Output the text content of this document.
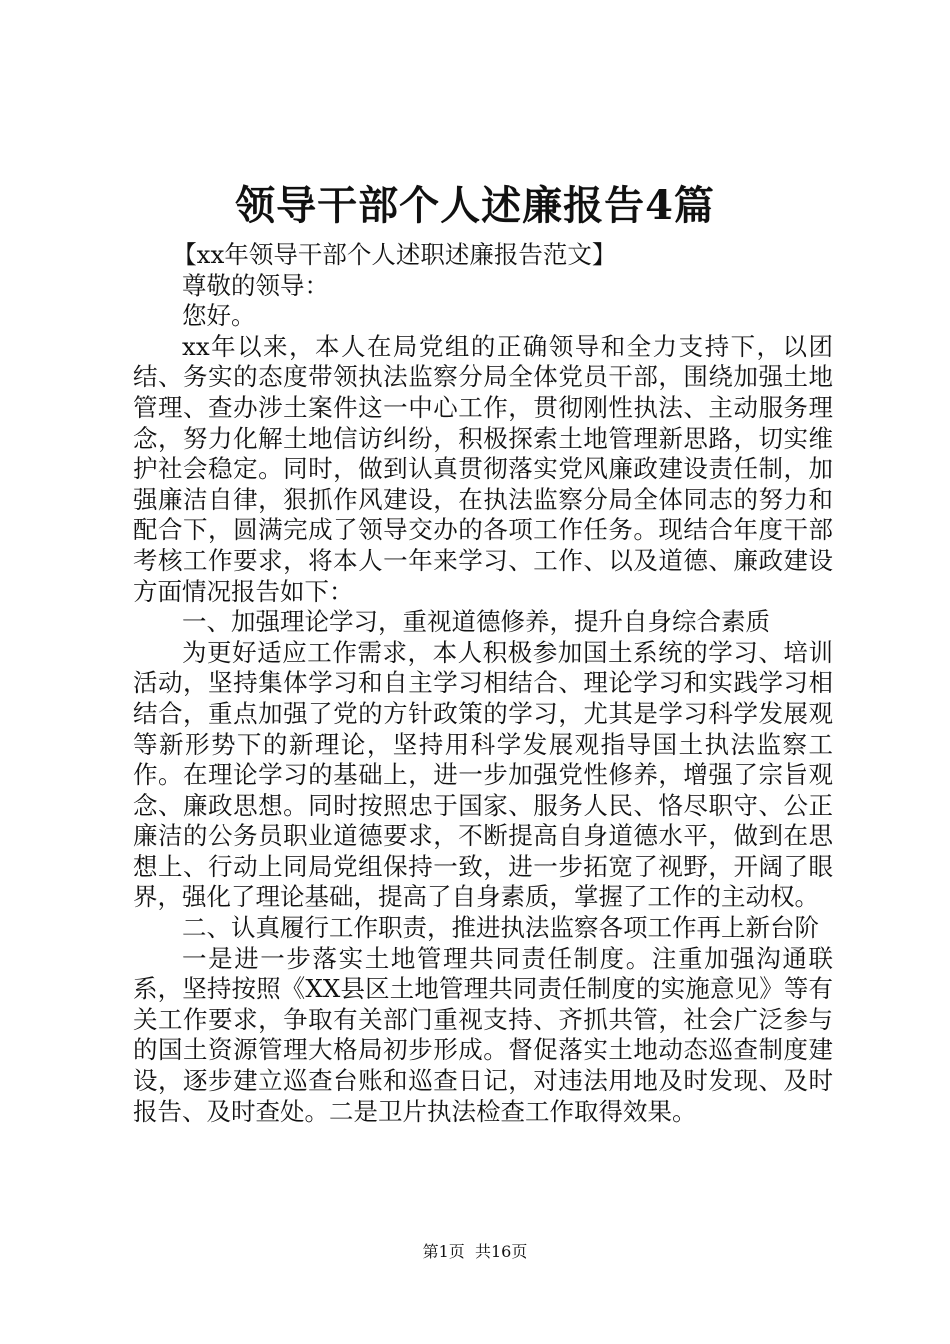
领导干部个人述廉报告4篇

【xx年领导干部个人述职述廉报告范文】

尊敬的领导：

您好。

xx年以来，本人在局党组的正确领导和全力支持下，以团结、务实的态度带领执法监察分局全体党员干部，围绕加强土地管理、查办涉土案件这一中心工作，贯彻刚性执法、主动服务理念，努力化解土地信访纠纷，积极探索土地管理新思路，切实维护社会稳定。同时，做到认真贯彻落实党风廉政建设责任制，加强廉洁自律，狠抓作风建设，在执法监察分局全体同志的努力和配合下，圆满完成了领导交办的各项工作任务。现结合年度干部考核工作要求，将本人一年来学习、工作、以及道德、廉政建设方面情况报告如下：

一、加强理论学习，重视道德修养，提升自身综合素质

为更好适应工作需求，本人积极参加国土系统的学习、培训活动，坚持集体学习和自主学习相结合、理论学习和实践学习相结合，重点加强了党的方针政策的学习，尤其是学习科学发展观等新形势下的新理论，坚持用科学发展观指导国土执法监察工作。在理论学习的基础上，进一步加强党性修养，增强了宗旨观念、廉政思想。同时按照忠于国家、服务人民、恪尽职守、公正廉洁的公务员职业道德要求，不断提高自身道德水平，做到在思想上、行动上同局党组保持一致，进一步拓宽了视野，开阔了眼界，强化了理论基础，提高了自身素质，掌握了工作的主动权。

二、认真履行工作职责，推进执法监察各项工作再上新台阶

一是进一步落实土地管理共同责任制度。注重加强沟通联系，坚持按照《XX县区土地管理共同责任制度的实施意见》等有关工作要求，争取有关部门重视支持、齐抓共管，社会广泛参与的国土资源管理大格局初步形成。督促落实土地动态巡查制度建设，逐步建立巡查台账和巡查日记，对违法用地及时发现、及时报告、及时查处。二是卫片执法检查工作取得效果。

第1页 共16页
